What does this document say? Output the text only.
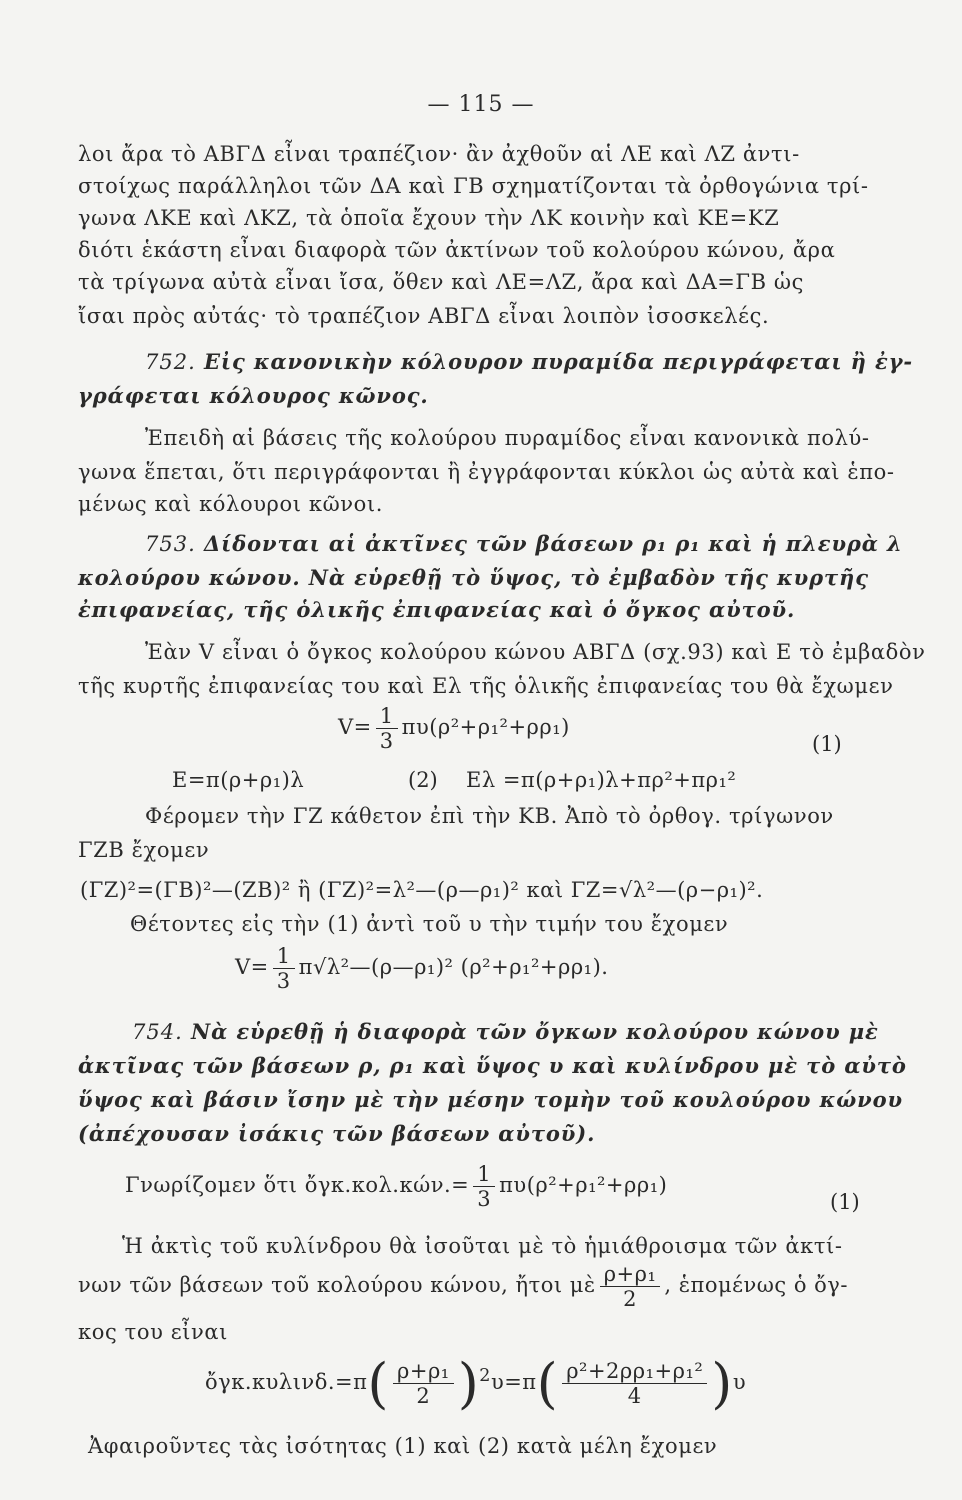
— 115 —
λοι ἄρα τὸ ΑΒΓΔ εἶναι τραπέζιον· ἂν ἀχθοῦν αἱ ΛΕ καὶ ΛΖ ἀντι-
στοίχως παράλληλοι τῶν ΔΑ καὶ ΓΒ σχηματίζονται τὰ ὀρθογώνια τρί-
γωνα ΛΚΕ καὶ ΛΚΖ, τὰ ὁποῖα ἔχουν τὴν ΛΚ κοινὴν καὶ ΚΕ=ΚΖ
διότι ἑκάστη εἶναι διαφορὰ τῶν ἀκτίνων τοῦ κολούρου κώνου, ἄρα
τὰ τρίγωνα αὐτὰ εἶναι ἴσα, ὅθεν καὶ ΛΕ=ΛΖ, ἄρα καὶ ΔΑ=ΓΒ ὡς
ἴσαι πρὸς αὐτάς· τὸ τραπέζιον ΑΒΓΔ εἶναι λοιπὸν ἰσοσκελές.
752. Εἰς κανονικὴν κόλουρον πυραμίδα περιγράφεται ἢ ἐγ-
γράφεται κόλουρος κῶνος.
Ἐπειδὴ αἱ βάσεις τῆς κολούρου πυραμίδος εἶναι κανονικὰ πολύ-
γωνα ἕπεται, ὅτι περιγράφονται ἢ ἐγγράφονται κύκλοι ὡς αὐτὰ καὶ ἑπο-
μένως καὶ κόλουροι κῶνοι.
753. Δίδονται αἱ ἀκτῖνες τῶν βάσεων ρ₁ ρ₁ καὶ ἡ πλευρὰ λ
κολούρου κώνου. Νὰ εὑρεθῇ τὸ ὕψος, τὸ ἐμβαδὸν τῆς κυρτῆς
ἐπιφανείας, τῆς ὁλικῆς ἐπιφανείας καὶ ὁ ὄγκος αὐτοῦ.
Ἐὰν V εἶναι ὁ ὄγκος κολούρου κώνου ΑΒΓΔ (σχ.93) καὶ Ε τὸ ἐμβαδὸν
τῆς κυρτῆς ἐπιφανείας του καὶ Ελ τῆς ὁλικῆς ἐπιφανείας του θὰ ἔχωμεν
$V= \frac{1}{3} \pi\upsilon(\rho^2+\rho_1^2+\rho\rho_1)$
(1)
Ε=π(ρ+ρ₁)λ	(2) Ελ =π(ρ+ρ₁)λ+πρ²+πρ₁²
Φέρομεν τὴν ΓΖ κάθετον ἐπὶ τὴν ΚΒ. Ἀπὸ τὸ ὀρθογ. τρίγωνον
ΓΖΒ ἔχομεν
(ΓΖ)²=(ΓΒ)²—(ΖΒ)² ἢ (ΓΖ)²=λ²—(ρ—ρ₁)² καὶ ΓΖ=√λ²—(ρ−ρ₁)².
Θέτοντες εἰς τὴν (1) ἀντὶ τοῦ υ τὴν τιμήν του ἔχομεν
$V= \frac{1}{3}$ π√λ²—(ρ—ρ₁)² (ρ²+ρ₁²+ρρ₁).
754. Νὰ εὑρεθῇ ἡ διαφορὰ τῶν ὄγκων κολούρου κώνου μὲ
ἀκτῖνας τῶν βάσεων ρ, ρ₁ καὶ ὕψος υ καὶ κυλίνδρου μὲ τὸ αὐτὸ
ὕψος καὶ βάσιν ἴσην μὲ τὴν μέσην τομὴν τοῦ κουλούρου κώνου
(ἀπέχουσαν ἰσάκις τῶν βάσεων αὐτοῦ).
Γνωρίζομεν ὅτι ὄγκ.κολ.κών.= $\frac{1}{3} \pi\upsilon(\rho^2+\rho_1^2+\rho\rho_1)$
(1)
Ἡ ἀκτὶς τοῦ κυλίνδρου θὰ ἰσοῦται μὲ τὸ ἡμιάθροισμα τῶν ἀκτί-
νων τῶν βάσεων τοῦ κολούρου κώνου, ἤτοι μὲ $\frac{\text{ρ+ρ₁}}{2}$ , ἑπομένως ὁ ὄγ-
κος του εἶναι
ὄγκ.κυλινδ.=π( $\frac{\text{ρ+ρ₁}}{2} )^2\upsilon=\pi( \frac{\text{ρ²+2ρρ₁+ρ₁²}}{4} )\upsilon$
Ἀφαιροῦντες τὰς ἰσότητας (1) καὶ (2) κατὰ μέλη ἔχομεν
